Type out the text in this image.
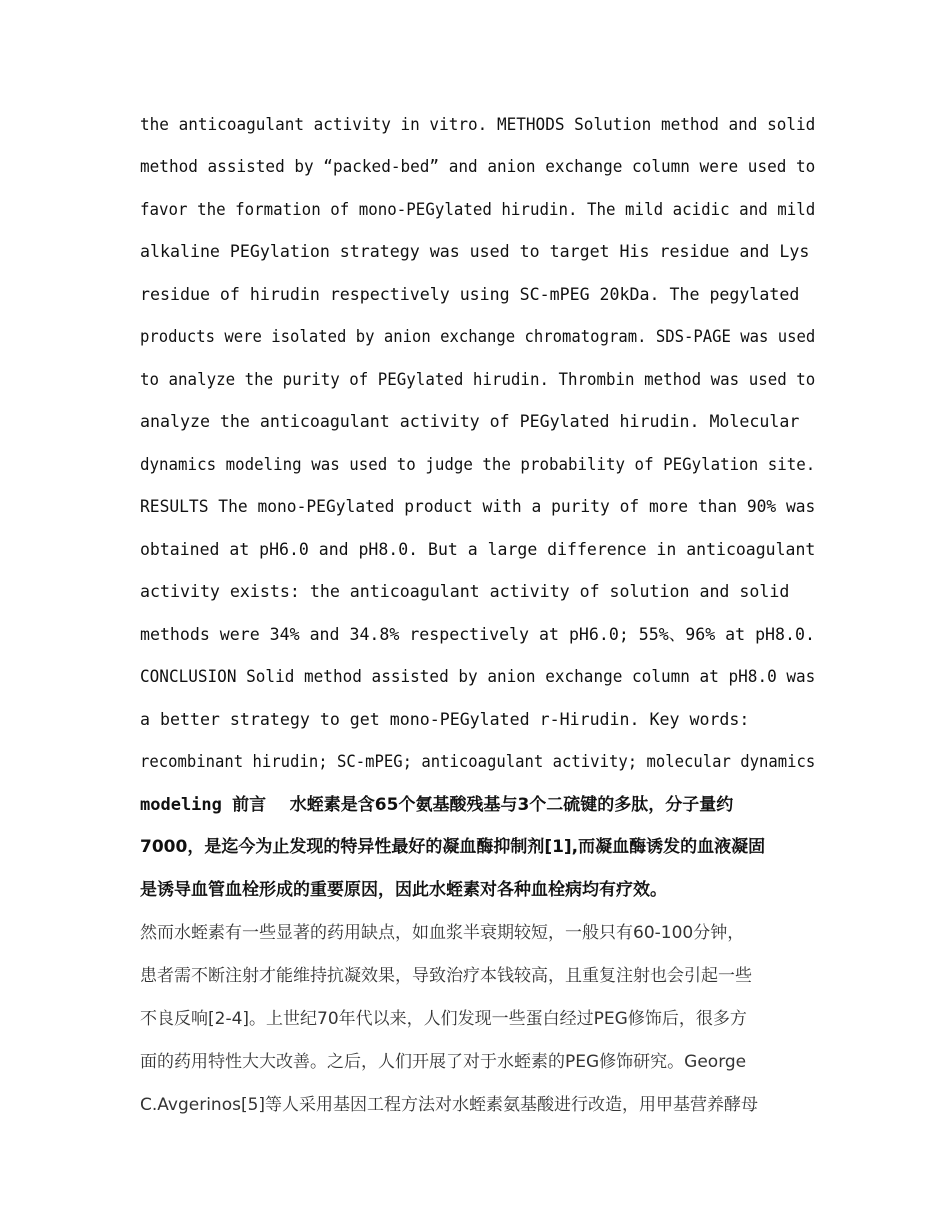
the anticoagulant activity in vitro. METHODS Solution method and solid
method assisted by “packed-bed” and anion exchange column were used to
favor the formation of mono-PEGylated hirudin. The mild acidic and mild
alkaline PEGylation strategy was used to target His residue and Lys
residue of hirudin respectively using SC-mPEG 20kDa. The pegylated
products were isolated by anion exchange chromatogram. SDS-PAGE was used
to analyze the purity of PEGylated hirudin. Thrombin method was used to
analyze the anticoagulant activity of PEGylated hirudin. Molecular
dynamics modeling was used to judge the probability of PEGylation site.
RESULTS The mono-PEGylated product with a purity of more than 90% was
obtained at pH6.0 and pH8.0. But a large difference in anticoagulant
activity exists: the anticoagulant activity of solution and solid
methods were 34% and 34.8% respectively at pH6.0; 55%、96% at pH8.0.
CONCLUSION Solid method assisted by anion exchange column at pH8.0 was
a better strategy to get mono-PEGylated r-Hirudin. Key words:
recombinant hirudin; SC-mPEG; anticoagulant activity; molecular dynamics
modeling 前言    水蛭素是含65个氨基酸残基与3个二硫键的多肽，分子量约
7000，是迄今为止发现的特异性最好的凝血酶抑制剂[1],而凝血酶诱发的血液凝固
是诱导血管血栓形成的重要原因，因此水蛭素对各种血栓病均有疗效。
然而水蛭素有一些显著的药用缺点，如血浆半衰期较短，一般只有60-100分钟，
患者需不断注射才能维持抗凝效果，导致治疗本钱较高，且重复注射也会引起一些
不良反响[2-4]。上世纪70年代以来，人们发现一些蛋白经过PEG修饰后，很多方
面的药用特性大大改善。之后，人们开展了对于水蛭素的PEG修饰研究。George
C.Avgerinos[5]等人采用基因工程方法对水蛭素氨基酸进行改造，用甲基营养酵母
